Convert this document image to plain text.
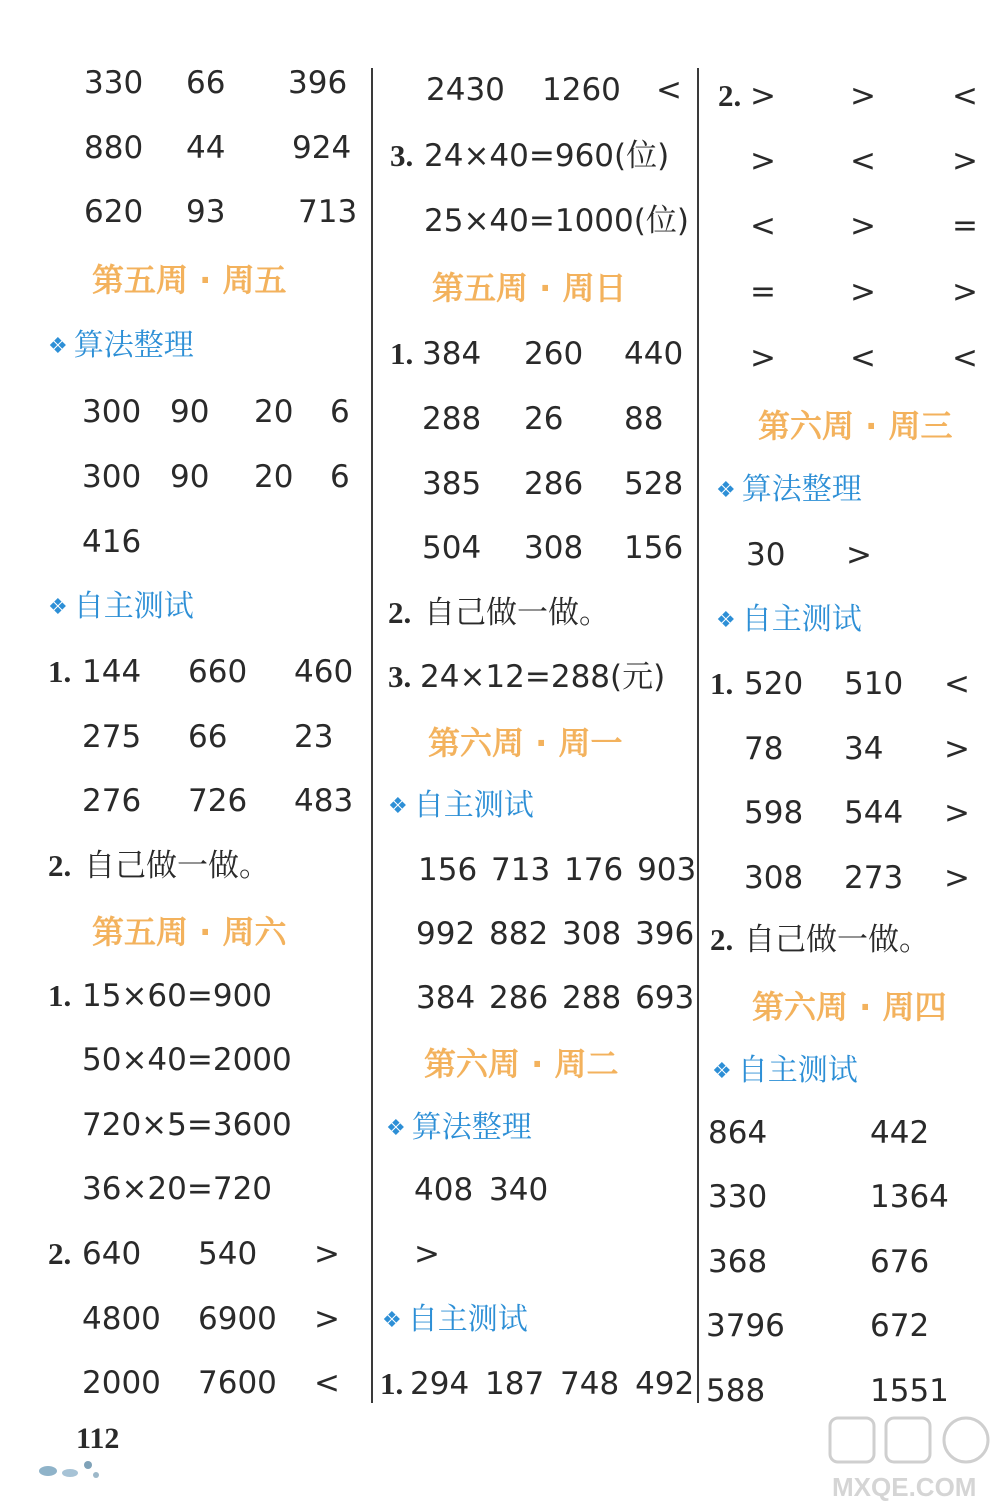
330 66 396
880 44 924
620 93 713
第五周 · 周五
❖ 算法整理
300 90 20 6
300 90 20 6
416
❖ 自主测试
1. 144 660 460
275 66 23
276 726 483
2. 自己做一做。
第五周 · 周六
1. 15×60=900
50×40=2000
720×5=3600
36×20=720
2. 640 540 >
4800 6900 >
2000 7600 <
2430 1260 <
3. 24×40=960(位)
25×40=1000(位)
第五周 · 周日
1. 384 260 440
288 26 88
385 286 528
504 308 156
2. 自己做一做。
3. 24×12=288(元)
第六周 · 周一
❖ 自主测试
156 713 176 903
992 882 308 396
384 286 288 693
第六周 · 周二
❖ 算法整理
408 340
>
❖ 自主测试
1. 294 187 748 492
2. > > <
> < >
< > =
= > >
> < <
第六周 · 周三
❖ 算法整理
30 >
❖ 自主测试
1. 520 510 <
78 34 >
598 544 >
308 273 >
2. 自己做一做。
第六周 · 周四
❖ 自主测试
864	442
330	1364
368	676
3796	672
588	1551
112
MXQE.COM
